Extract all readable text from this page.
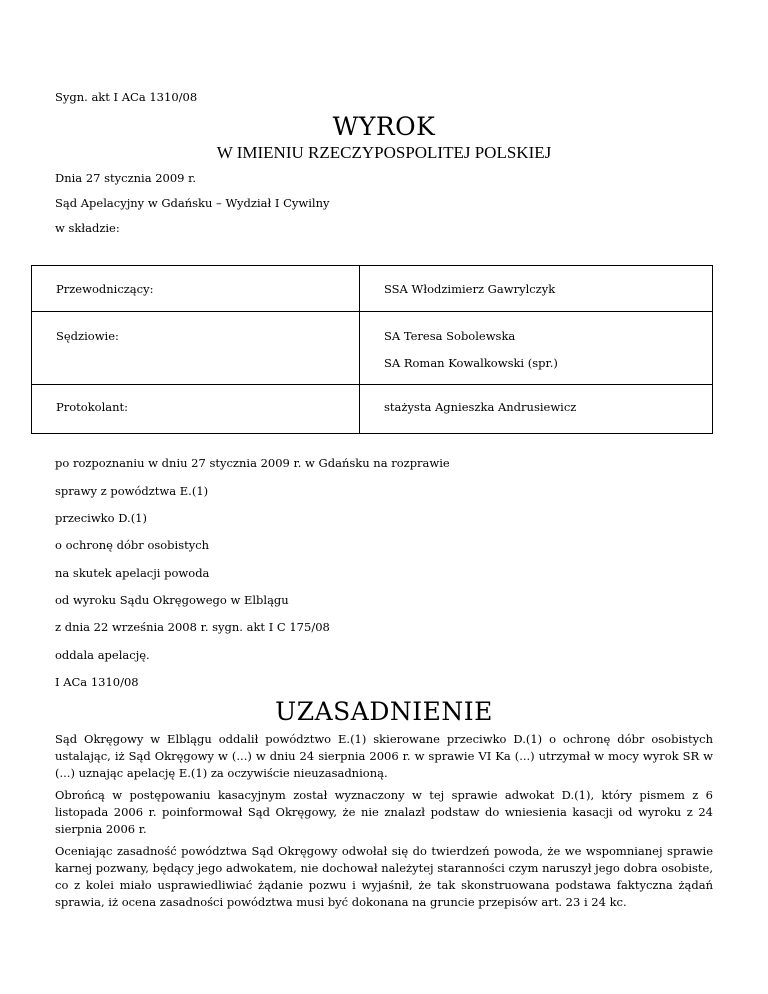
Sygn. akt I ACa 1310/08
WYROK
W IMIENIU RZECZYPOSPOLITEJ POLSKIEJ
Dnia 27 stycznia 2009 r.
Sąd Apelacyjny w Gdańsku – Wydział I Cywilny
w składzie:
Przewodniczący:	SSA Włodzimierz Gawrylczyk

Sędziowie:	SA Teresa Sobolewska
SA Roman Kowalkowski (spr.)

Protokolant:	stażysta Agnieszka Andrusiewicz
po rozpoznaniu w dniu 27 stycznia 2009 r. w Gdańsku na rozprawie
sprawy z powództwa E.(1)
przeciwko D.(1)
o ochronę dóbr osobistych
na skutek apelacji powoda
od wyroku Sądu Okręgowego w Elblągu
z dnia 22 września 2008 r. sygn. akt I C 175/08
oddala apelację.
I ACa 1310/08
UZASADNIENIE
Sąd Okręgowy w Elblągu oddalił powództwo E.(1) skierowane przeciwko D.(1) o ochronę dóbr osobistych ustalając, iż Sąd Okręgowy w (...) w dniu 24 sierpnia 2006 r. w sprawie VI Ka (...) utrzymał w mocy wyrok SR w (...) uznając apelację E.(1) za oczywiście nieuzasadnioną.
Obrońcą w postępowaniu kasacyjnym został wyznaczony w tej sprawie adwokat D.(1), który pismem z 6 listopada 2006 r. poinformował Sąd Okręgowy, że nie znalazł podstaw do wniesienia kasacji od wyroku z 24 sierpnia 2006 r.
Oceniając zasadność powództwa Sąd Okręgowy odwołał się do twierdzeń powoda, że we wspomnianej sprawie karnej pozwany, będący jego adwokatem, nie dochował należytej staranności czym naruszył jego dobra osobiste, co z kolei miało usprawiedliwiać żądanie pozwu i wyjaśnił, że tak skonstruowana podstawa faktyczna żądań sprawia, iż ocena zasadności powództwa musi być dokonana na gruncie przepisów art. 23 i 24 kc.
